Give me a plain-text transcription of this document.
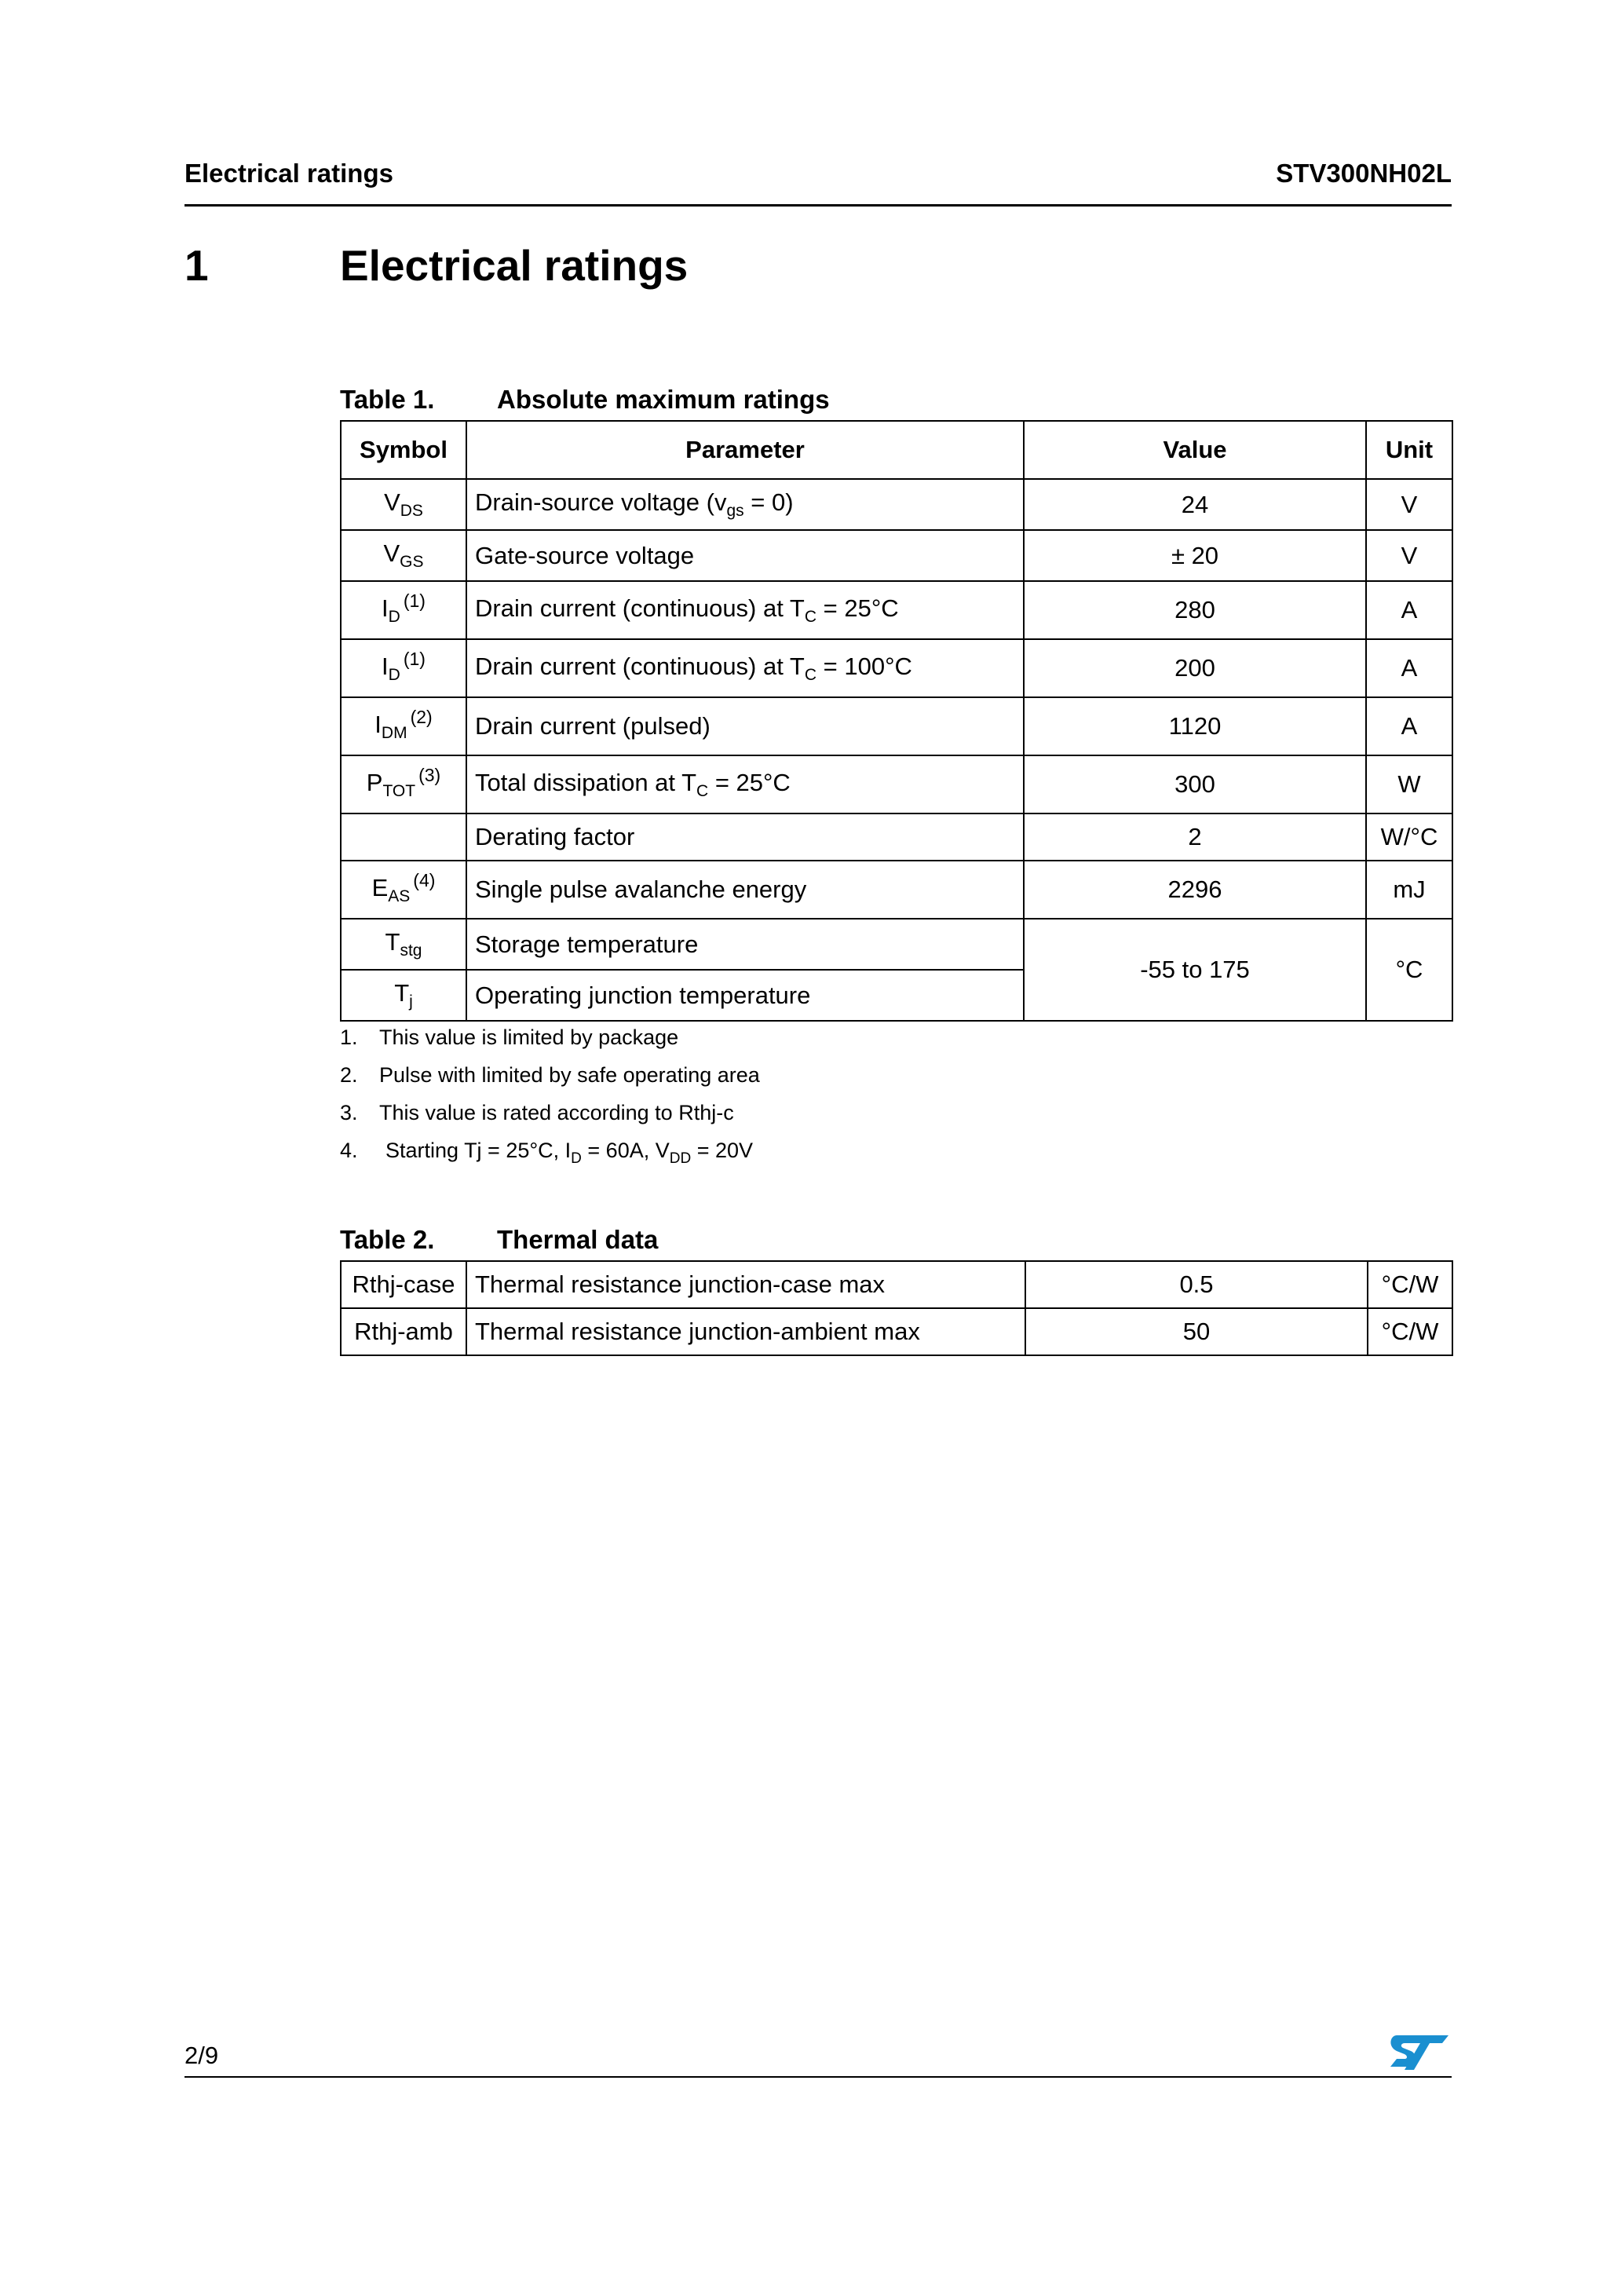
Electrical ratings	STV300NH02L
1	Electrical ratings
Table 1. Absolute maximum ratings
Symbol	Parameter	Value	Unit
$V_{DS}$	Drain-source voltage $(v_{gs} = 0)$	24	V
$V_{GS}$	Gate-source voltage	± 20	V
$I_D^{(1)}$	Drain current (continuous) at $T_C = 25^\circ C$	280	A
$I_D^{(1)}$	Drain current (continuous) at $T_C = 100^\circ C$	200	A
$I_{DM}^{(2)}$	Drain current (pulsed)	1120	A
$P_{TOT}^{(3)}$	Total dissipation at $T_C = 25^\circ C$	300	W
	Derating factor	2	W/°C
$E_{AS}^{(4)}$	Single pulse avalanche energy	2296	mJ
$T_{stg}$	Storage temperature	-55 to 175	°C
$T_j$	Operating junction temperature		
1. This value is limited by package
2. Pulse with limited by safe operating area
3. This value is rated according to Rthj-c
4. Starting Tj = 25°C, $I_D = 60A$, $V_{DD} = 20V$
Table 2. Thermal data
Rthj-case	Thermal resistance junction-case max	0.5	°C/W
Rthj-amb	Thermal resistance junction-ambient max	50	°C/W
2/9
